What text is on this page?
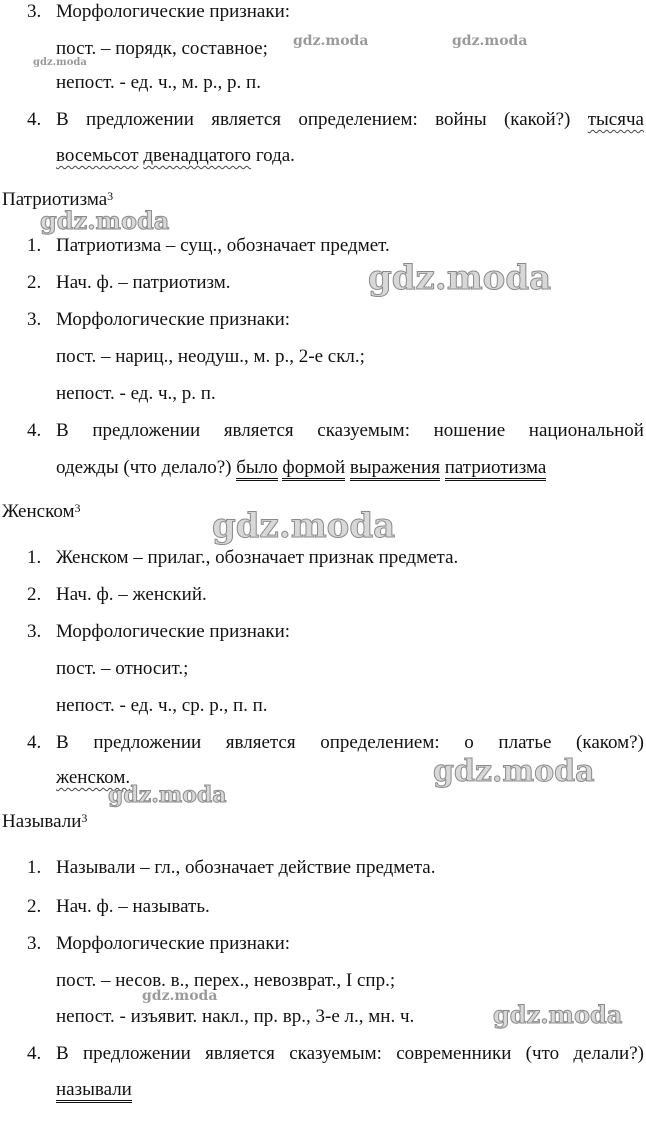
3. Морфологические признаки:
пост. – порядк, составное;
непост. - ед. ч., м. р., р. п.
4. В предложении является определением: войны (какой?) тысяча
восемьсот двенадцатого года.
Патриотизма$^3$
1. Патриотизма – сущ., обозначает предмет.
2. Нач. ф. – патриотизм.
3. Морфологические признаки:
пост. – нариц., неодуш., м. р., 2-е скл.;
непост. - ед. ч., р. п.
4. В предложении является сказуемым: ношение национальной
одежды (что делало?) было формой выражения патриотизма
Женском$^3$
1. Женском – прилаг., обозначает признак предмета.
2. Нач. ф. – женский.
3. Морфологические признаки:
пост. – относит.;
непост. - ед. ч., ср. р., п. п.
4. В предложении является определением: о платье (каком?)
женском.
Называли$^3$
1. Называли – гл., обозначает действие предмета.
2. Нач. ф. – называть.
3. Морфологические признаки:
пост. – несов. в., перех., невозврат., I спр.;
непост. - изъявит. накл., пр. вр., 3-е л., мн. ч.
4. В предложении является сказуемым: современники (что делали?)
называли
gdz.moda	gdz.moda
gdz.moda
gdz.moda
gdz.moda
gdz.moda
gdz.moda
gdz.moda
gdz.moda
gdz.moda
